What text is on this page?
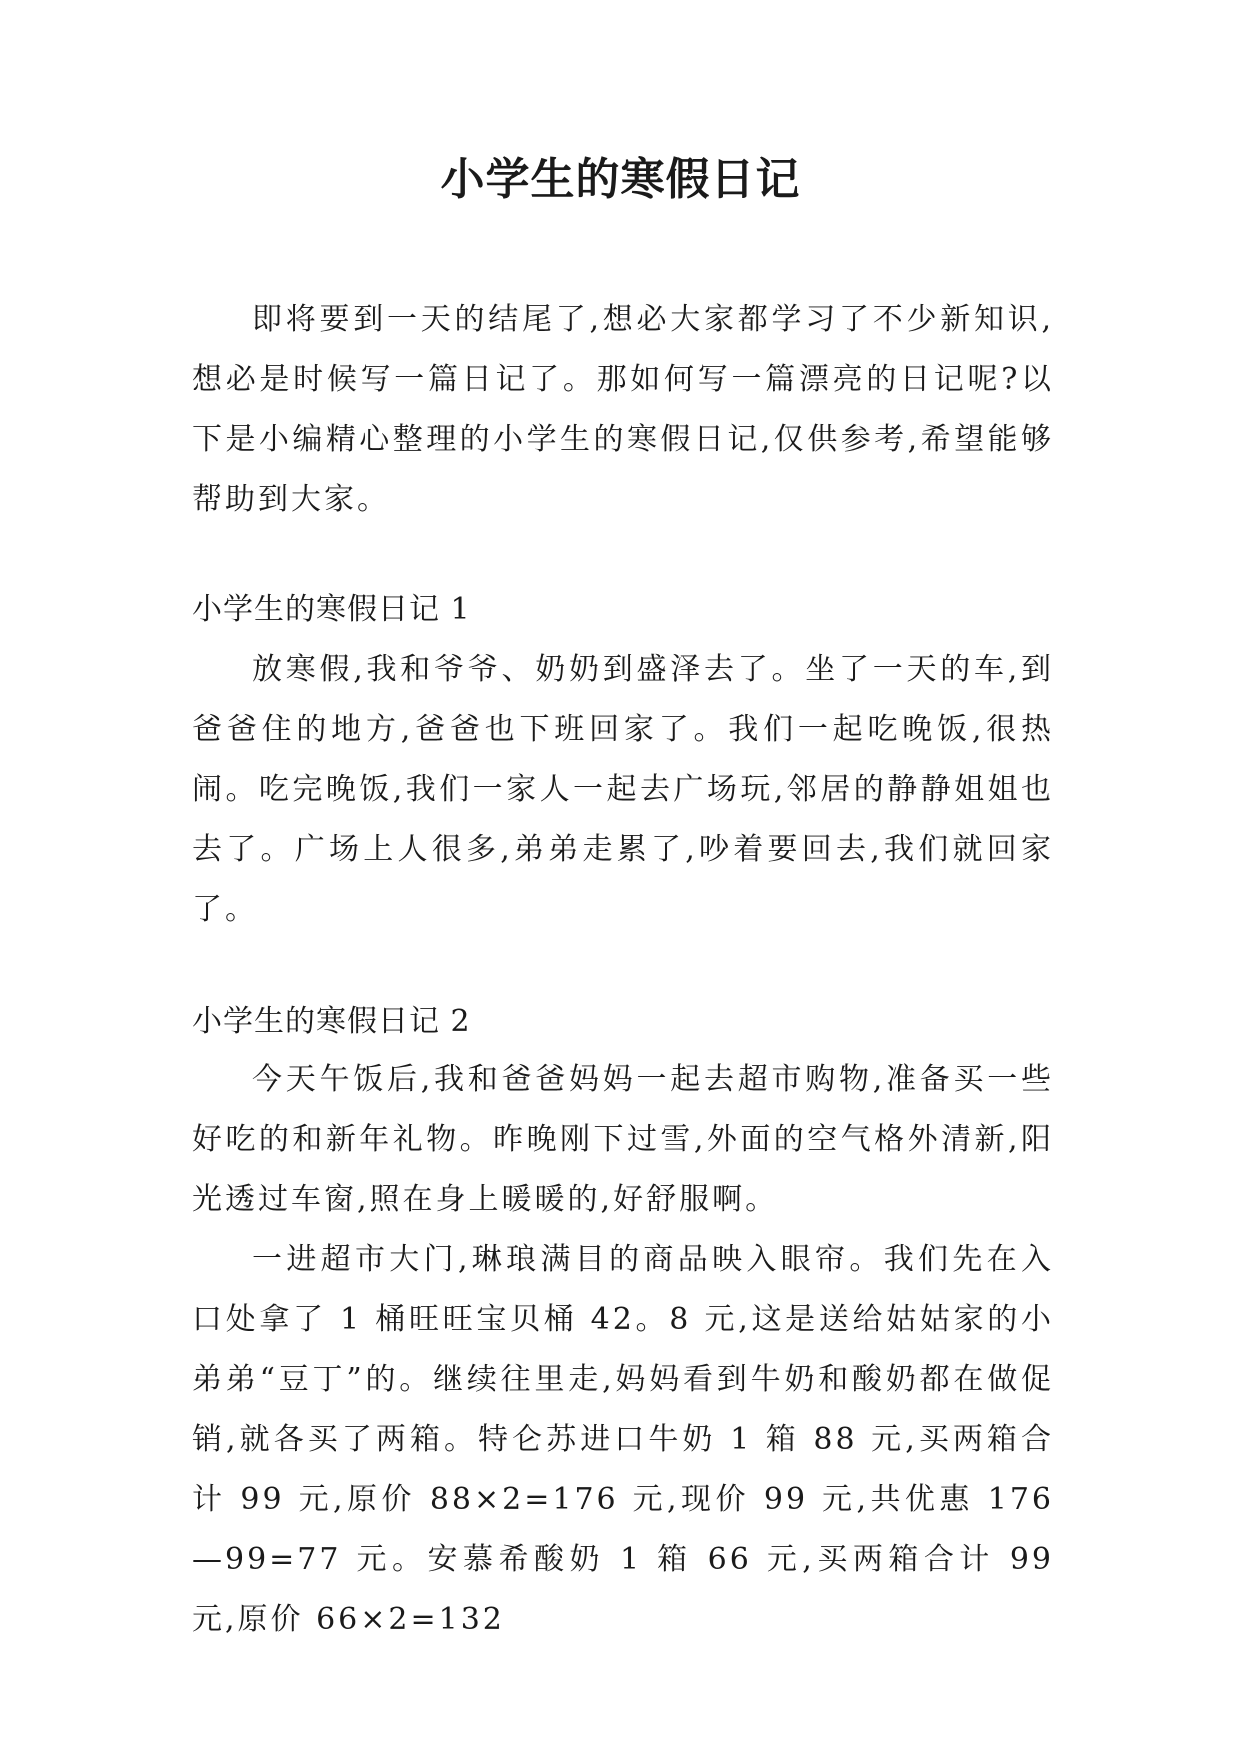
小学生的寒假日记

即将要到一天的结尾了,想必大家都学习了不少新知识,想必是时候写一篇日记了。那如何写一篇漂亮的日记呢?以下是小编精心整理的小学生的寒假日记,仅供参考,希望能够帮助到大家。

小学生的寒假日记 1

放寒假,我和爷爷、奶奶到盛泽去了。坐了一天的车,到爸爸住的地方,爸爸也下班回家了。我们一起吃晚饭,很热闹。吃完晚饭,我们一家人一起去广场玩,邻居的静静姐姐也去了。广场上人很多,弟弟走累了,吵着要回去,我们就回家了。

小学生的寒假日记 2

今天午饭后,我和爸爸妈妈一起去超市购物,准备买一些好吃的和新年礼物。昨晚刚下过雪,外面的空气格外清新,阳光透过车窗,照在身上暖暖的,好舒服啊。

一进超市大门,琳琅满目的商品映入眼帘。我们先在入口处拿了 1 桶旺旺宝贝桶 42。8 元,这是送给姑姑家的小弟弟“豆丁”的。继续往里走,妈妈看到牛奶和酸奶都在做促销,就各买了两箱。特仑苏进口牛奶 1 箱 88 元,买两箱合计 99 元,原价 88×2=176 元,现价 99 元,共优惠 176—99=77 元。安慕希酸奶 1 箱 66 元,买两箱合计 99 元,原价 66×2=132
